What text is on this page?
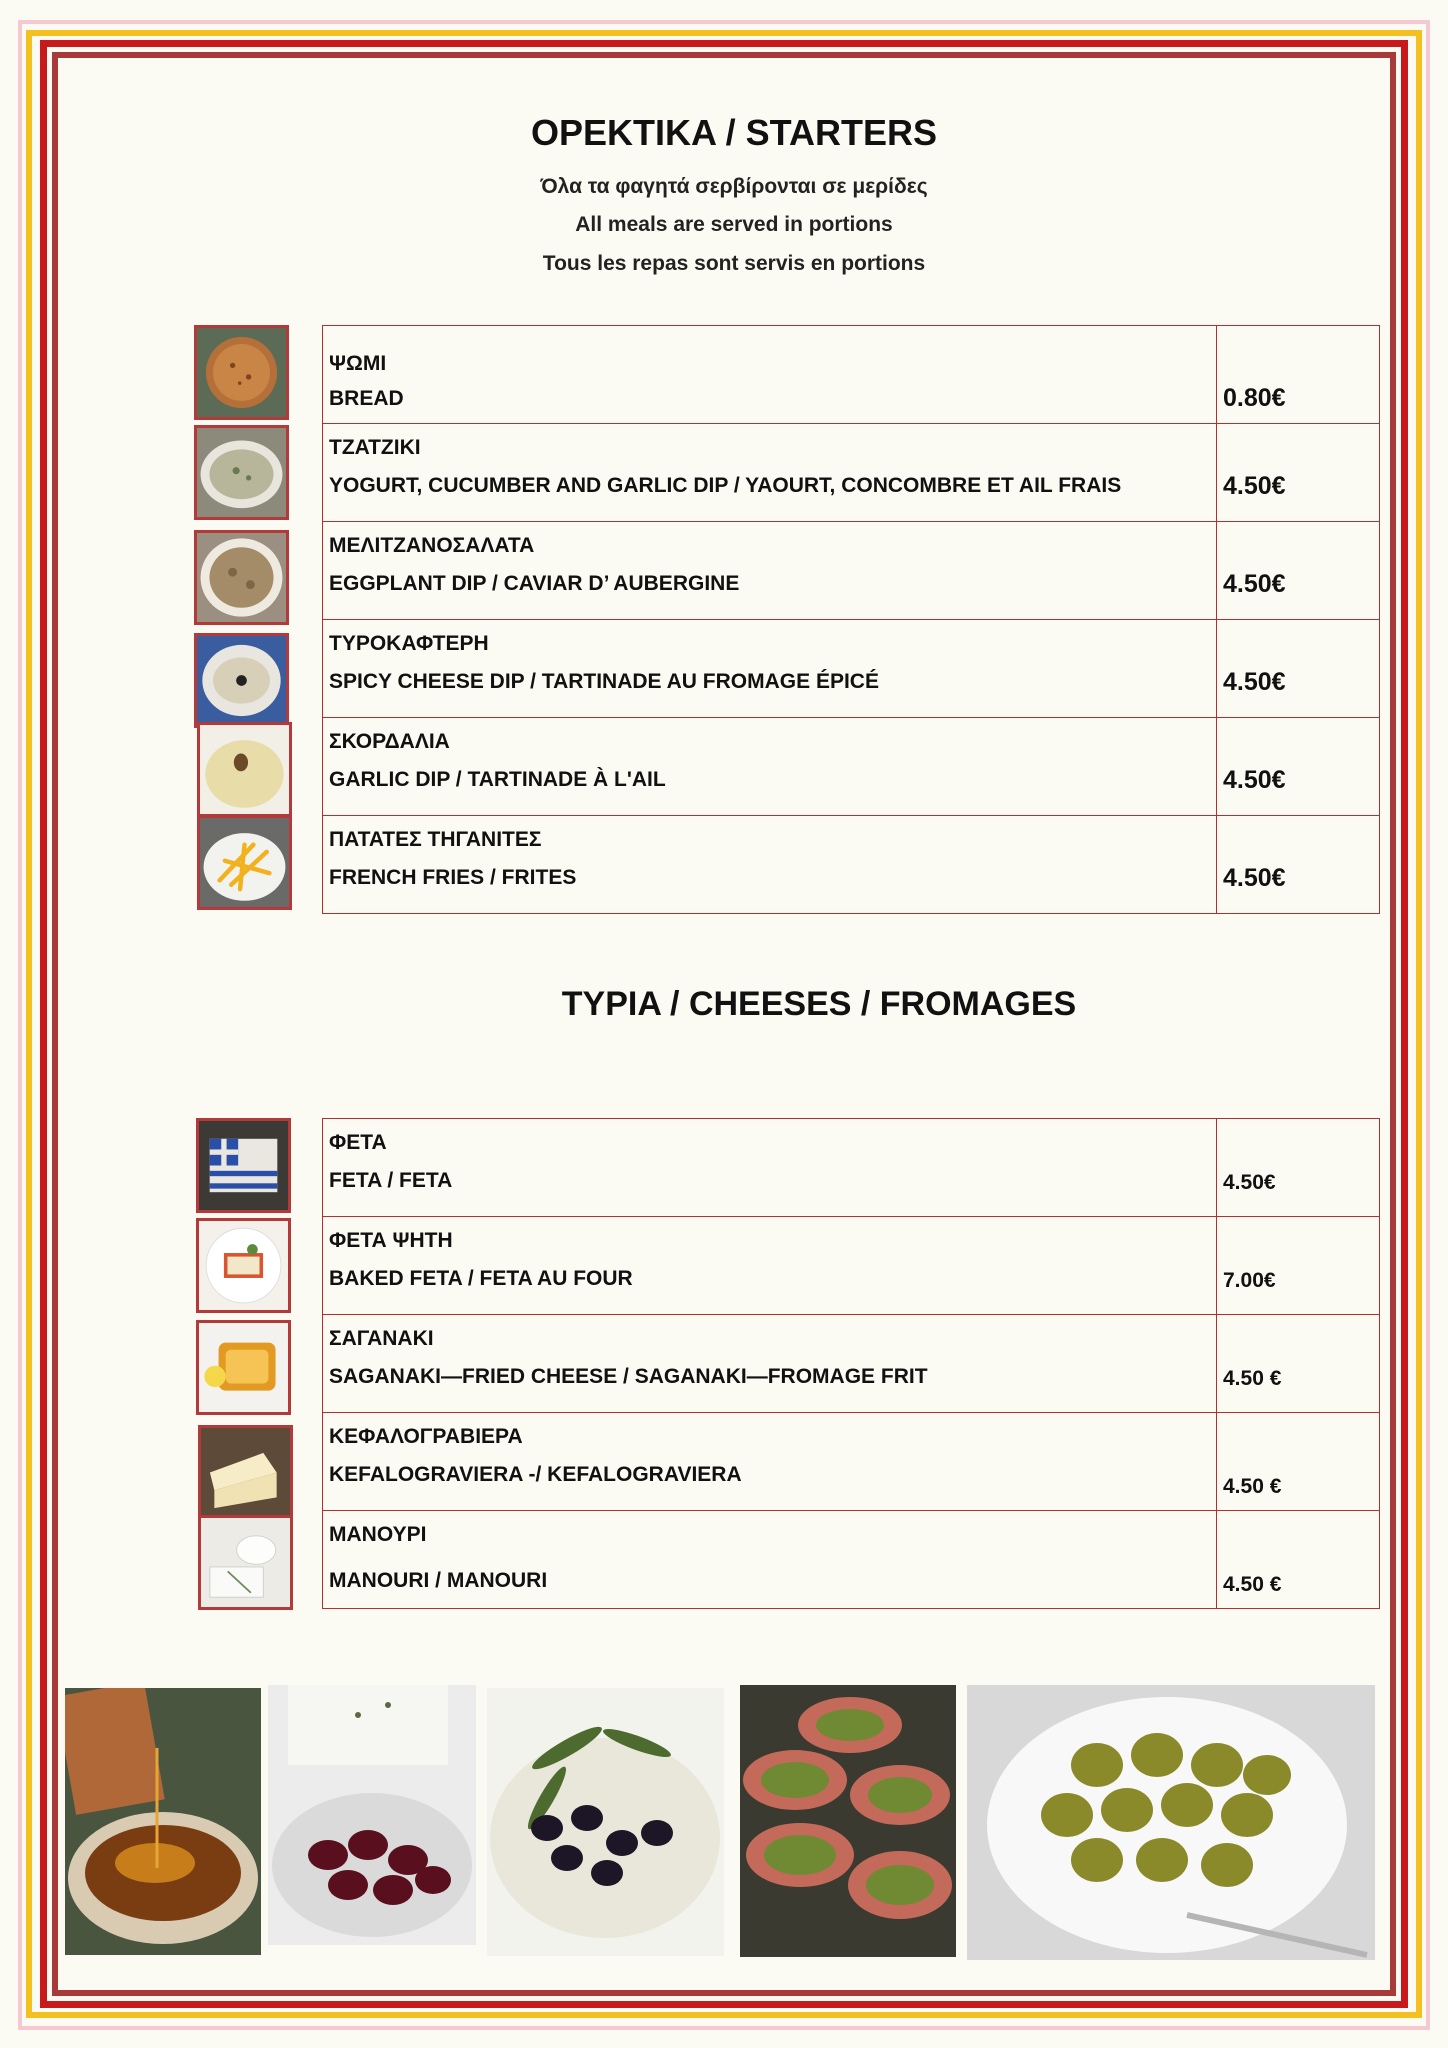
OPEKTIKA / STARTERS
Όλα τα φαγητά σερβίρονται σε μερίδες
All meals are served in portions
Tous les repas sont servis en portions
ΨΩΜΙ
BREAD	0.80€

ΤΖΑΤΖΙΚΙ
YOGURT, CUCUMBER AND GARLIC DIP / YAOURT, CONCOMBRE ET AIL FRAIS	4.50€

ΜΕΛΙΤΖΑΝΟΣΑΛΑΤΑ
EGGPLANT DIP / CAVIAR D’ AUBERGINE	4.50€

ΤΥΡΟΚΑΦΤΕΡΗ
SPICY CHEESE DIP / TARTINADE AU FROMAGE ÉPICÉ	4.50€

ΣΚΟΡΔΑΛΙΑ
GARLIC DIP / TARTINADE À L'AIL	4.50€

ΠΑΤΑΤΕΣ ΤΗΓΑΝΙΤΕΣ
FRENCH FRIES / FRITES	4.50€
TYPIA / CHEESES / FROMAGES
ΦΕΤΑ
FETA / FETA	4.50€

ΦΕΤΑ ΨΗΤΗ
BAKED FETA / FETA AU FOUR	7.00€

ΣΑΓΑΝΑΚΙ
SAGANAKI—FRIED CHEESE / SAGANAKI—FROMAGE FRIT	4.50 €

ΚΕΦΑΛΟΓΡΑΒΙΕΡΑ
KEFALOGRAVIERA -/ KEFALOGRAVIERA	4.50 €

ΜΑΝΟΥΡΙ
MANOURI / MANOURI	4.50 €
